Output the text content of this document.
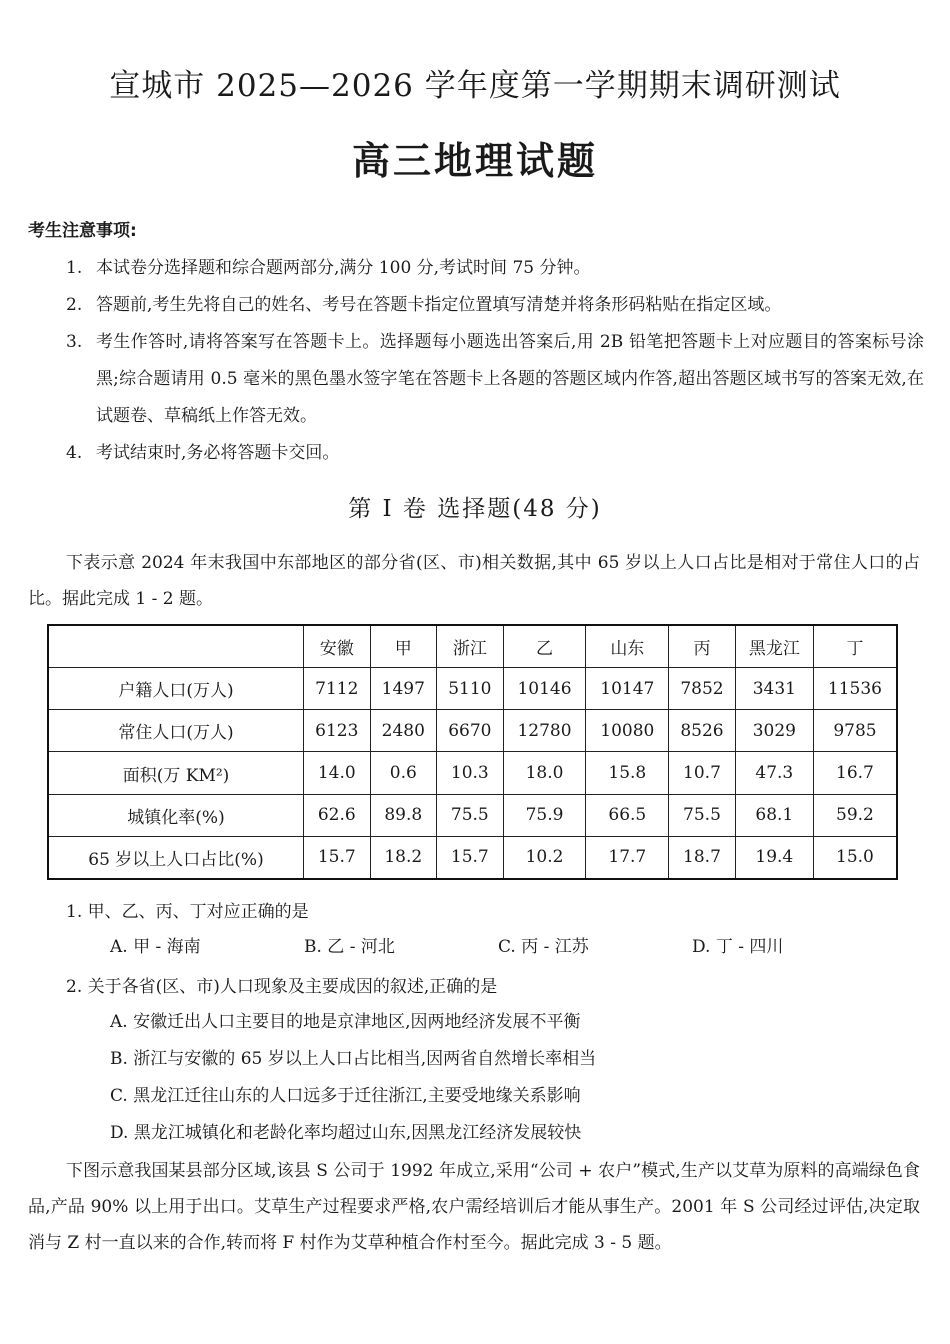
宣城市 2025—2026 学年度第一学期期末调研测试
高三地理试题
考生注意事项:
1. 本试卷分选择题和综合题两部分,满分 100 分,考试时间 75 分钟。
2. 答题前,考生先将自己的姓名、考号在答题卡指定位置填写清楚并将条形码粘贴在指定区域。
3. 考生作答时,请将答案写在答题卡上。选择题每小题选出答案后,用 2B 铅笔把答题卡上对应题目的答案标号涂黑;综合题请用 0.5 毫米的黑色墨水签字笔在答题卡上各题的答题区域内作答,超出答题区域书写的答案无效,在试题卷、草稿纸上作答无效。
4. 考试结束时,务必将答题卡交回。
第 Ⅰ 卷 选择题(48 分)
下表示意 2024 年末我国中东部地区的部分省(区、市)相关数据,其中 65 岁以上人口占比是相对于常住人口的占比。据此完成 1 - 2 题。
	安徽	甲	浙江	乙	山东	丙	黑龙江	丁
户籍人口(万人)	7112	1497	5110	10146	10147	7852	3431	11536
常住人口(万人)	6123	2480	6670	12780	10080	8526	3029	9785
面积(万 KM²)	14.0	0.6	10.3	18.0	15.8	10.7	47.3	16.7
城镇化率(%)	62.6	89.8	75.5	75.9	66.5	75.5	68.1	59.2
65 岁以上人口占比(%)	15.7	18.2	15.7	10.2	17.7	18.7	19.4	15.0
1. 甲、乙、丙、丁对应正确的是
A. 甲 - 海南	B. 乙 - 河北	C. 丙 - 江苏	D. 丁 - 四川
2. 关于各省(区、市)人口现象及主要成因的叙述,正确的是
A. 安徽迁出人口主要目的地是京津地区,因两地经济发展不平衡
B. 浙江与安徽的 65 岁以上人口占比相当,因两省自然增长率相当
C. 黑龙江迁往山东的人口远多于迁往浙江,主要受地缘关系影响
D. 黑龙江城镇化和老龄化率均超过山东,因黑龙江经济发展较快
下图示意我国某县部分区域,该县 S 公司于 1992 年成立,采用“公司 + 农户”模式,生产以艾草为原料的高端绿色食品,产品 90% 以上用于出口。艾草生产过程要求严格,农户需经培训后才能从事生产。2001 年 S 公司经过评估,决定取消与 Z 村一直以来的合作,转而将 F 村作为艾草种植合作村至今。据此完成 3 - 5 题。
